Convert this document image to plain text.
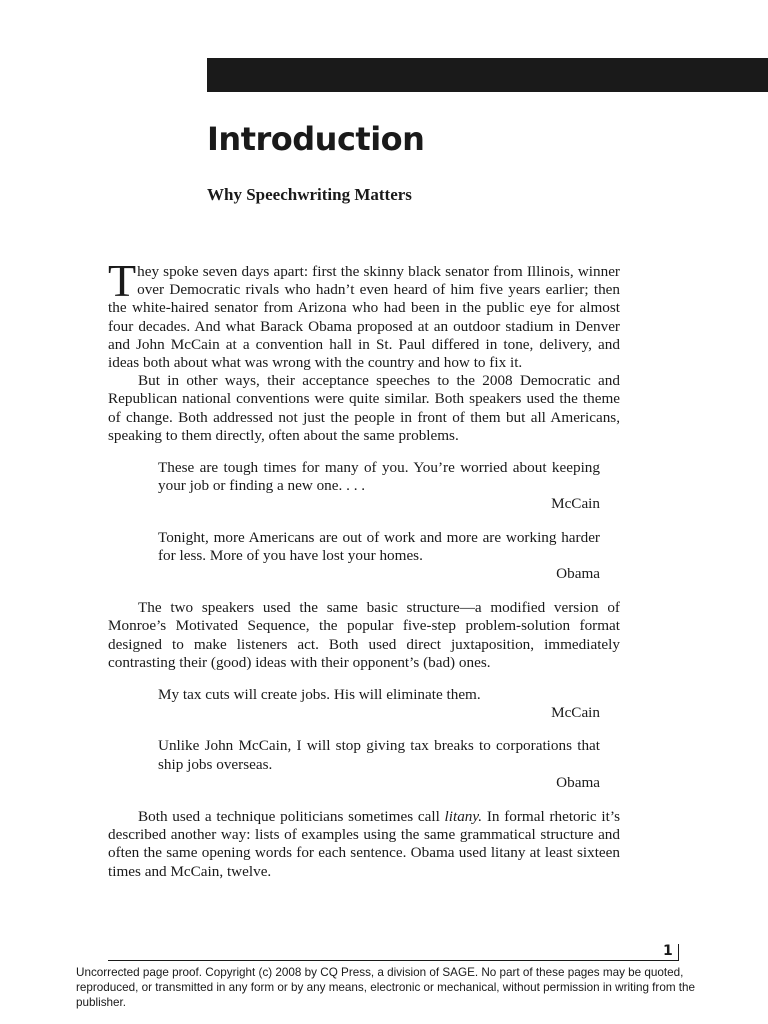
Introduction
Why Speechwriting Matters

They spoke seven days apart: first the skinny black senator from Illinois, winner over Democratic rivals who hadn’t even heard of him five years earlier; then the white-haired senator from Arizona who had been in the public eye for almost four decades. And what Barack Obama proposed at an outdoor stadium in Denver and John McCain at a convention hall in St. Paul differed in tone, delivery, and ideas both about what was wrong with the country and how to fix it.

But in other ways, their acceptance speeches to the 2008 Democratic and Republican national conventions were quite similar. Both speakers used the theme of change. Both addressed not just the people in front of them but all Americans, speaking to them directly, often about the same problems.

These are tough times for many of you. You’re worried about keeping your job or finding a new one. . . .

McCain

Tonight, more Americans are out of work and more are working harder for less. More of you have lost your homes.

Obama

The two speakers used the same basic structure—a modified version of Monroe’s Motivated Sequence, the popular five-step problem-solution format designed to make listeners act. Both used direct juxtaposition, immediately contrasting their (good) ideas with their opponent’s (bad) ones.

My tax cuts will create jobs. His will eliminate them.

McCain

Unlike John McCain, I will stop giving tax breaks to corporations that ship jobs overseas.

Obama

Both used a technique politicians sometimes call litany. In formal rhetoric it’s described another way: lists of examples using the same grammatical structure and often the same opening words for each sentence. Obama used litany at least sixteen times and McCain, twelve.

1

Uncorrected page proof. Copyright (c) 2008 by CQ Press, a division of SAGE. No part of these pages may be quoted, reproduced, or transmitted in any form or by any means, electronic or mechanical, without permission in writing from the publisher.
